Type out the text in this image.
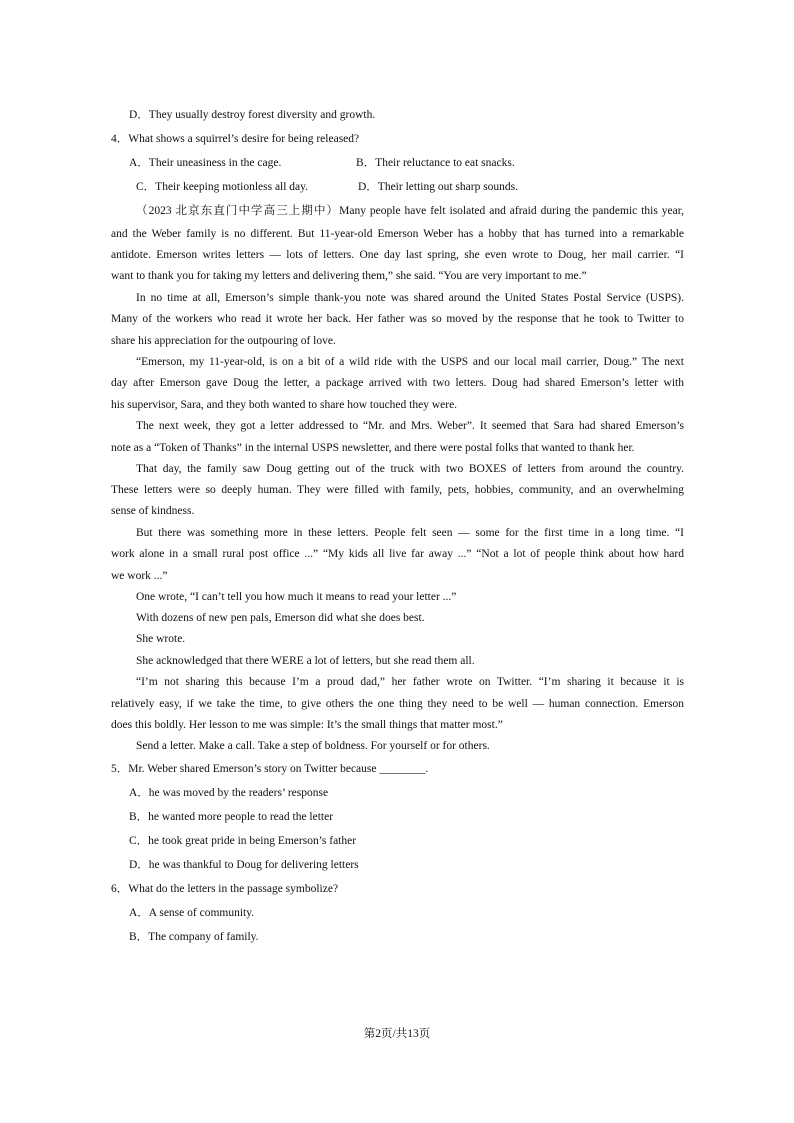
D．They usually destroy forest diversity and growth.
4．What shows a squirrel’s desire for being released?
A．Their uneasiness in the cage.	B．Their reluctance to eat snacks.
C．Their keeping motionless all day.	D．Their letting out sharp sounds.
（2023 北京东直门中学高三上期中）Many people have felt isolated and afraid during the pandemic this year,
and the Weber family is no different. But 11-year-old Emerson Weber has a hobby that has turned into a remarkable
antidote. Emerson writes letters — lots of letters. One day last spring, she even wrote to Doug, her mail carrier. “I
want to thank you for taking my letters and delivering them,” she said. “You are very important to me.”
In no time at all, Emerson’s simple thank-you note was shared around the United States Postal Service (USPS).
Many of the workers who read it wrote her back. Her father was so moved by the response that he took to Twitter to
share his appreciation for the outpouring of love.
“Emerson, my 11-year-old, is on a bit of a wild ride with the USPS and our local mail carrier, Doug.” The next
day after Emerson gave Doug the letter, a package arrived with two letters. Doug had shared Emerson’s letter with
his supervisor, Sara, and they both wanted to share how touched they were.
The next week, they got a letter addressed to “Mr. and Mrs. Weber”. It seemed that Sara had shared Emerson’s
note as a “Token of Thanks” in the internal USPS newsletter, and there were postal folks that wanted to thank her.
That day, the family saw Doug getting out of the truck with two BOXES of letters from around the country.
These letters were so deeply human. They were filled with family, pets, hobbies, community, and an overwhelming
sense of kindness.
But there was something more in these letters. People felt seen — some for the first time in a long time. “I
work alone in a small rural post office ...” “My kids all live far away ...” “Not a lot of people think about how hard
we work ...”
One wrote, “I can’t tell you how much it means to read your letter ...”
With dozens of new pen pals, Emerson did what she does best.
She wrote.
She acknowledged that there WERE a lot of letters, but she read them all.
“I’m not sharing this because I’m a proud dad,” her father wrote on Twitter. “I’m sharing it because it is
relatively easy, if we take the time, to give others the one thing they need to be well — human connection. Emerson
does this boldly. Her lesson to me was simple: It’s the small things that matter most.”
Send a letter. Make a call. Take a step of boldness. For yourself or for others.
5．Mr. Weber shared Emerson’s story on Twitter because ________.
A．he was moved by the readers’ response
B．he wanted more people to read the letter
C．he took great pride in being Emerson’s father
D．he was thankful to Doug for delivering letters
6．What do the letters in the passage symbolize?
A．A sense of community.
B．The company of family.
第2页/共13页
